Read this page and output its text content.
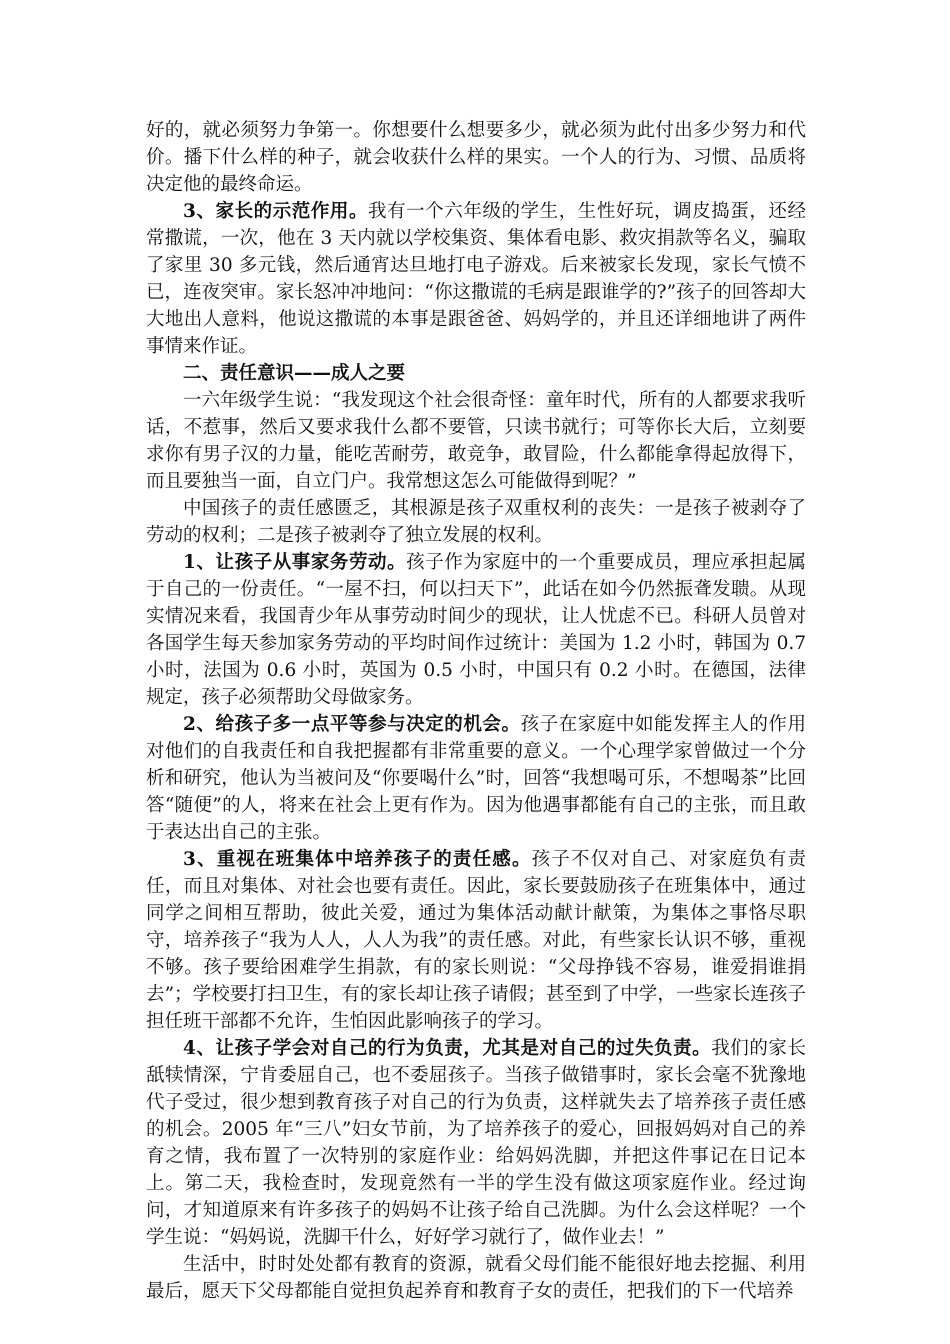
好的，就必须努力争第一。你想要什么想要多少，就必须为此付出多少努力和代价。播下什么样的种子，就会收获什么样的果实。一个人的行为、习惯、品质将决定他的最终命运。

3、家长的示范作用。我有一个六年级的学生，生性好玩，调皮捣蛋，还经常撒谎，一次，他在 3 天内就以学校集资、集体看电影、救灾捐款等名义，骗取了家里 30 多元钱，然后通宵达旦地打电子游戏。后来被家长发现，家长气愤不已，连夜突审。家长怒冲冲地问：“你这撒谎的毛病是跟谁学的?”孩子的回答却大大地出人意料，他说这撒谎的本事是跟爸爸、妈妈学的，并且还详细地讲了两件事情来作证。

二、责任意识——成人之要

一六年级学生说：“我发现这个社会很奇怪：童年时代，所有的人都要求我听话，不惹事，然后又要求我什么都不要管，只读书就行；可等你长大后，立刻要求你有男子汉的力量，能吃苦耐劳，敢竞争，敢冒险，什么都能拿得起放得下，而且要独当一面，自立门户。我常想这怎么可能做得到呢？”

中国孩子的责任感匮乏，其根源是孩子双重权利的丧失：一是孩子被剥夺了劳动的权利；二是孩子被剥夺了独立发展的权利。

1、让孩子从事家务劳动。孩子作为家庭中的一个重要成员，理应承担起属于自己的一份责任。“一屋不扫，何以扫天下”，此话在如今仍然振聋发聩。从现实情况来看，我国青少年从事劳动时间少的现状，让人忧虑不已。科研人员曾对各国学生每天参加家务劳动的平均时间作过统计：美国为 1.2 小时，韩国为 0.7 小时，法国为 0.6 小时，英国为 0.5 小时，中国只有 0.2 小时。在德国，法律规定，孩子必须帮助父母做家务。

2、给孩子多一点平等参与决定的机会。孩子在家庭中如能发挥主人的作用对他们的自我责任和自我把握都有非常重要的意义。一个心理学家曾做过一个分析和研究，他认为当被问及“你要喝什么”时，回答“我想喝可乐，不想喝茶”比回答“随便”的人，将来在社会上更有作为。因为他遇事都能有自己的主张，而且敢于表达出自己的主张。

3、重视在班集体中培养孩子的责任感。孩子不仅对自己、对家庭负有责任，而且对集体、对社会也要有责任。因此，家长要鼓励孩子在班集体中，通过同学之间相互帮助，彼此关爱，通过为集体活动献计献策，为集体之事恪尽职守，培养孩子“我为人人，人人为我”的责任感。对此，有些家长认识不够，重视不够。孩子要给困难学生捐款，有的家长则说：“父母挣钱不容易，谁爱捐谁捐去”；学校要打扫卫生，有的家长却让孩子请假；甚至到了中学，一些家长连孩子担任班干部都不允许，生怕因此影响孩子的学习。

4、让孩子学会对自己的行为负责，尤其是对自己的过失负责。我们的家长舐犊情深，宁肯委屈自己，也不委屈孩子。当孩子做错事时，家长会毫不犹豫地代子受过，很少想到教育孩子对自己的行为负责，这样就失去了培养孩子责任感的机会。2005 年“三八”妇女节前，为了培养孩子的爱心，回报妈妈对自己的养育之情，我布置了一次特别的家庭作业：给妈妈洗脚，并把这件事记在日记本上。第二天，我检查时，发现竟然有一半的学生没有做这项家庭作业。经过询问，才知道原来有许多孩子的妈妈不让孩子给自己洗脚。为什么会这样呢？一个学生说：“妈妈说，洗脚干什么，好好学习就行了，做作业去！”

生活中，时时处处都有教育的资源，就看父母们能不能很好地去挖掘、利用最后，愿天下父母都能自觉担负起养育和教育子女的责任，把我们的下一代培养
